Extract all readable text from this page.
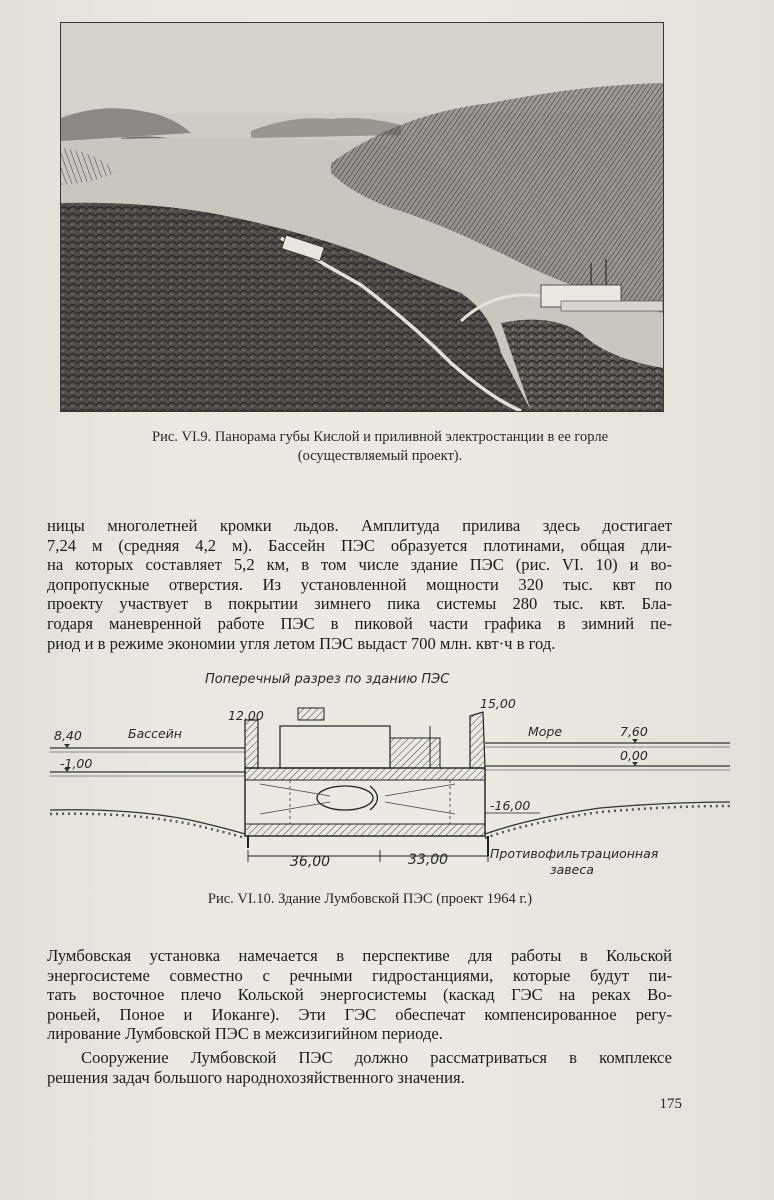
Рис. VI.9. Панорама губы Кислой и приливной электростанции в ее горле
(осуществляемый проект).
ницы многолетней кромки льдов. Амплитуда прилива здесь достигает
7,24 м (средняя 4,2 м). Бассейн ПЭС образуется плотинами, общая дли-
на которых составляет 5,2 км, в том числе здание ПЭС (рис. VI. 10) и во-
допропускные отверстия. Из установленной мощности 320 тыс. квт по
проекту участвует в покрытии зимнего пика системы 280 тыс. квт. Бла-
годаря маневренной работе ПЭС в пиковой части графика в зимний пе-
риод и в режиме экономии угля летом ПЭС выдаст 700 млн. квт·ч в год.
Поперечный разрез по зданию ПЭС
8,40	Бассейн
-1,00
12,00
15,00
Море	7,60
0,00
-16,00
36,00	33,00	Противофильтрационная
завеса
Рис. VI.10. Здание Лумбовской ПЭС (проект 1964 г.)
Лумбовская установка намечается в перспективе для работы в Кольской
энергосистеме совместно с речными гидростанциями, которые будут пи-
тать восточное плечо Кольской энергосистемы (каскад ГЭС на реках Во-
роньей, Поное и Иоканге). Эти ГЭС обеспечат компенсированное регу-
лирование Лумбовской ПЭС в межсизигийном периоде.
Сооружение Лумбовской ПЭС должно рассматриваться в комплексе
решения задач большого народнохозяйственного значения.
175
